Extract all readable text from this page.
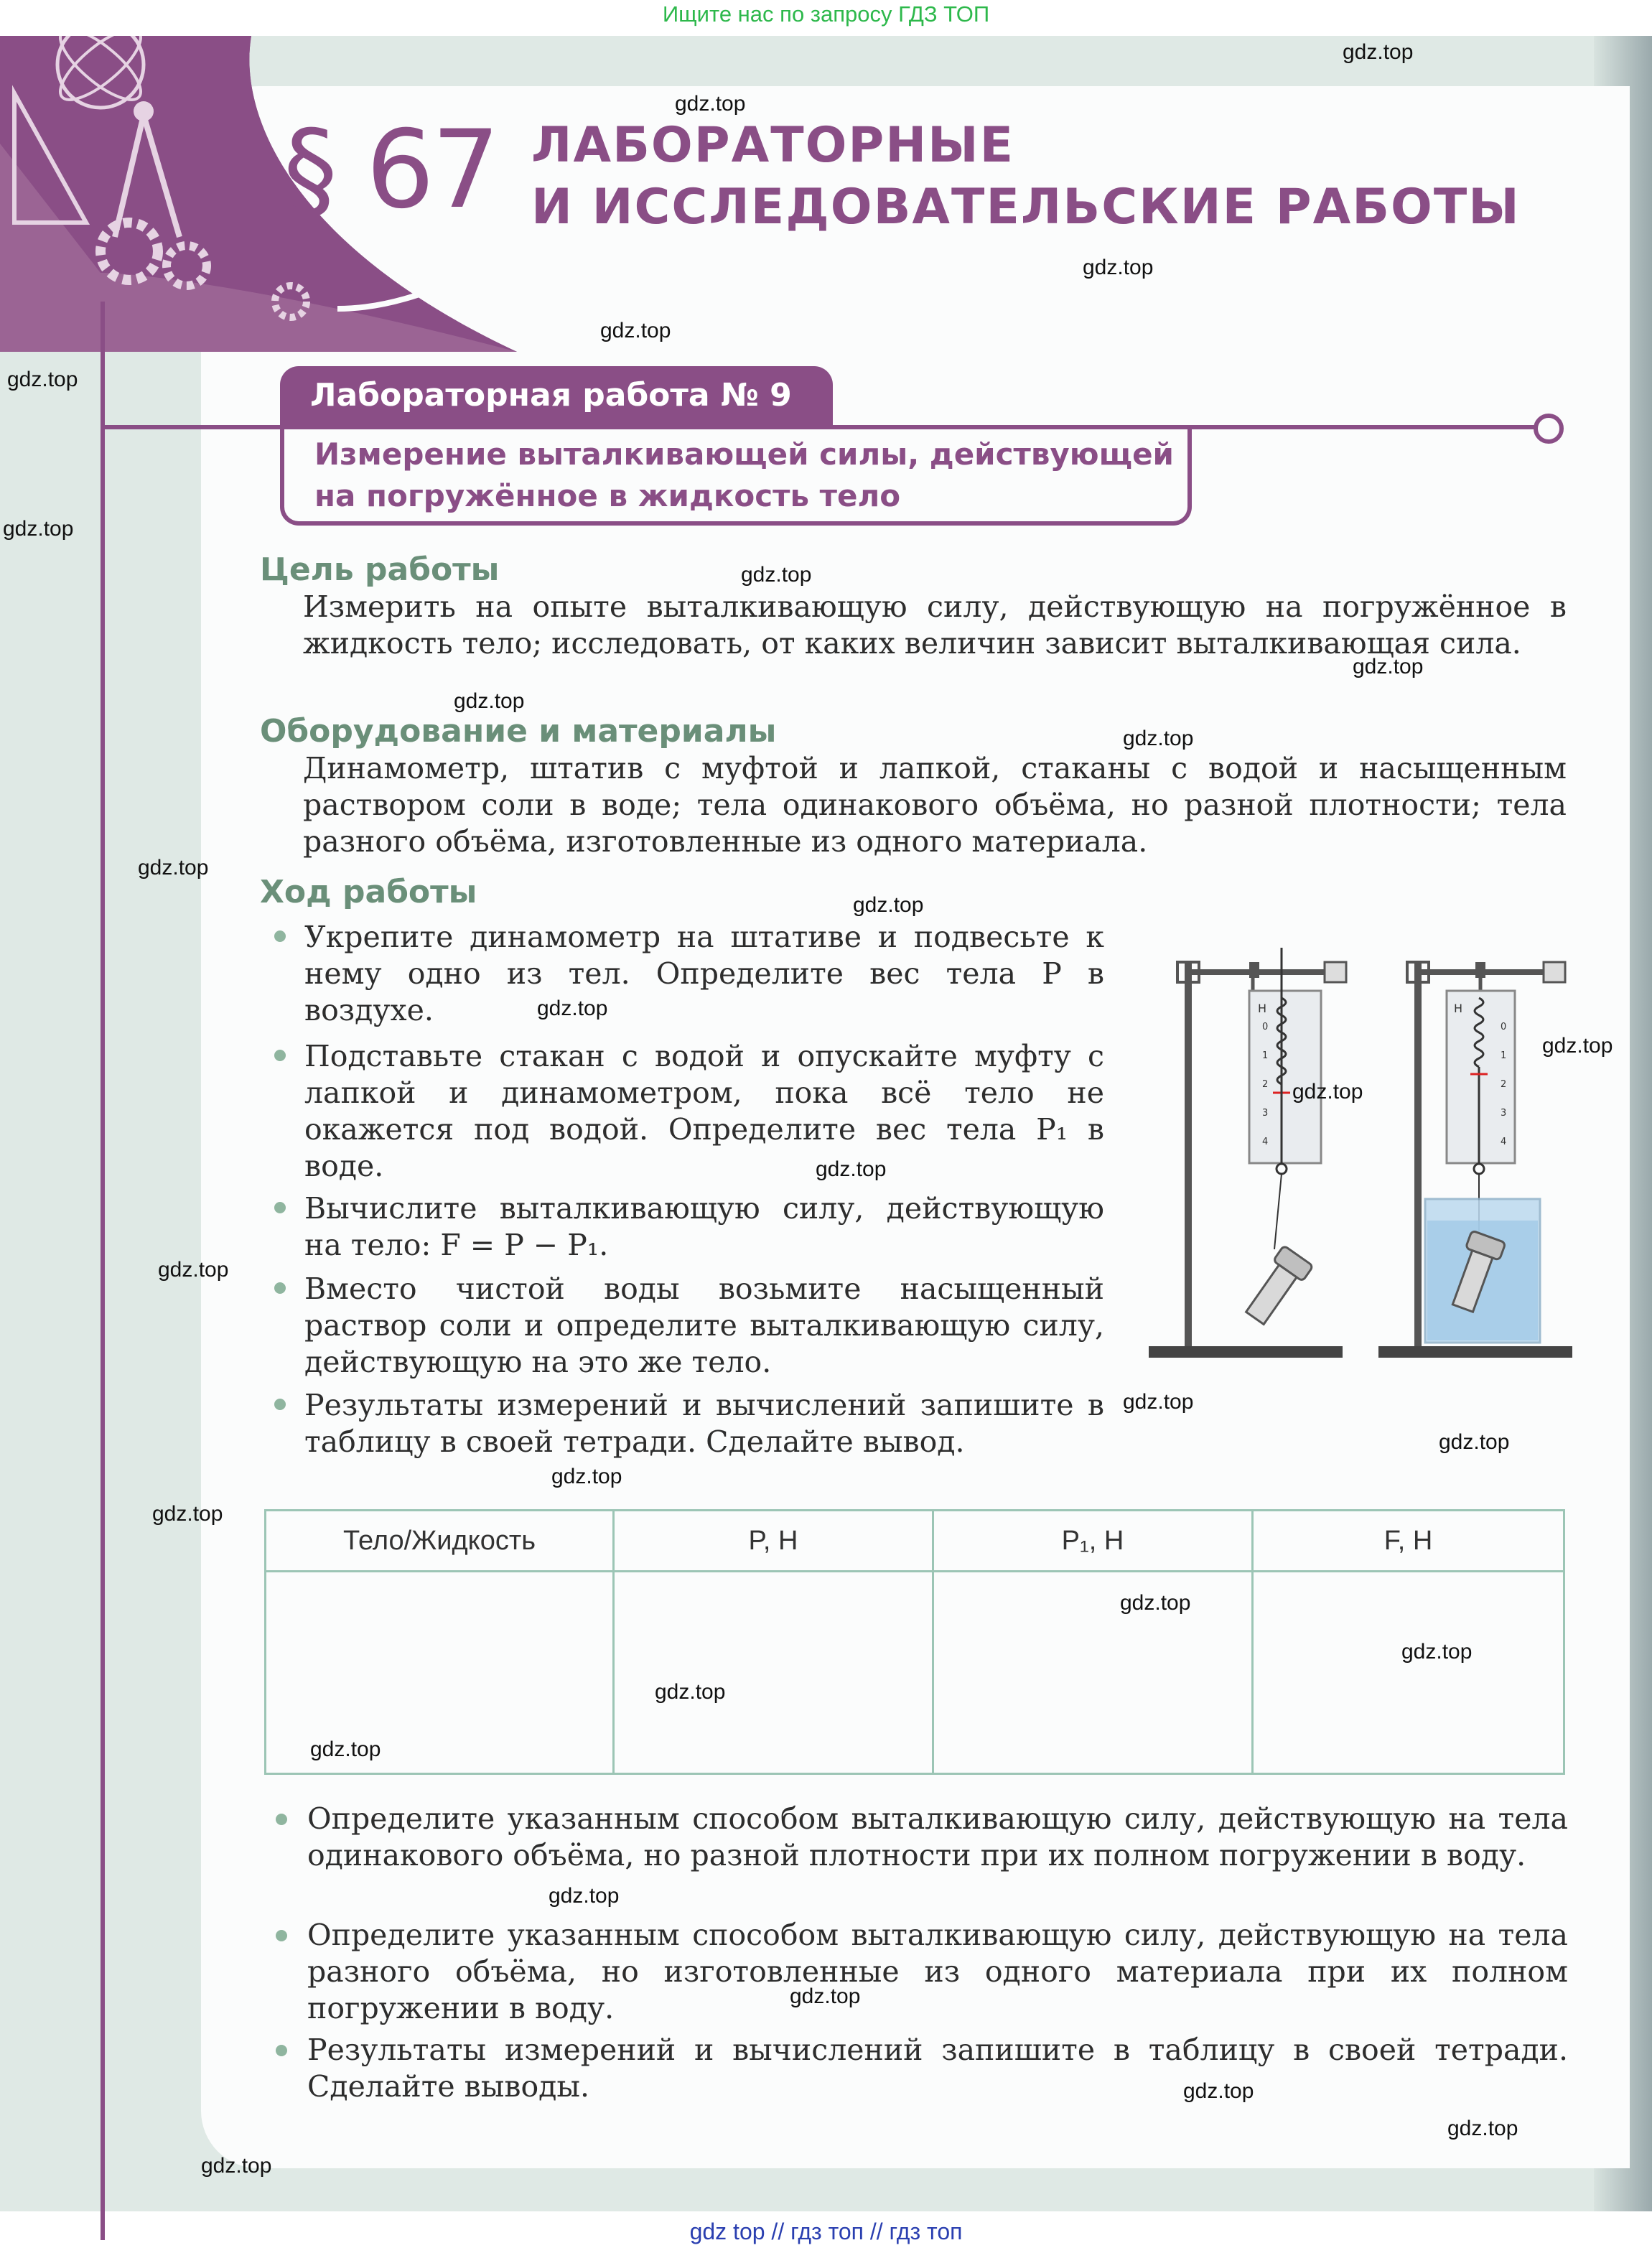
Ищите нас по запросу ГДЗ ТОП
§ 67 ЛАБОРАТОРНЫЕ
И ИССЛЕДОВАТЕЛЬСКИЕ РАБОТЫ
Лабораторная работа № 9
Измерение выталкивающей силы, действующей
на погружённое в жидкость тело
Цель работы
Измерить на опыте выталкивающую силу, действующую на погружённое в жидкость тело; исследовать, от каких величин зависит выталкивающая сила.
Оборудование и материалы
Динамометр, штатив с муфтой и лапкой, стаканы с водой и насыщенным раствором соли в воде; тела одинакового объёма, но разной плотности; тела разного объёма, изготовленные из одного материала.
Ход работы
Укрепите динамометр на штативе и подвесьте к нему одно из тел. Определите вес тела P в воздухе.
Подставьте стакан с водой и опускайте муфту с лапкой и динамометром, пока всё тело не окажется под водой. Определите вес тела P₁ в воде.
Вычислите выталкивающую силу, действующую на тело: F = P − P₁.
Вместо чистой воды возьмите насыщенный раствор соли и определите выталкивающую силу, действующую на это же тело.
Результаты измерений и вычислений запишите в таблицу в своей тетради. Сделайте вывод.
Н
0
1
2
3
4
Н
0
1
2
3
4
Тело/Жидкость	P, Н	P₁, Н	F, Н

Определите указанным способом выталкивающую силу, действующую на тела одинакового объёма, но разной плотности при их полном погружении в воду.
Определите указанным способом выталкивающую силу, действующую на тела разного объёма, но изготовленные из одного материала при их полном погружении в воду.
Результаты измерений и вычислений запишите в таблицу в своей тетради. Сделайте выводы.
gdz.top
gdz.top
gdz.top
gdz.top
gdz.top
gdz.top
gdz.top
gdz.top
gdz.top
gdz.top
gdz.top
gdz.top
gdz.top
gdz.top
gdz.top
gdz.top
gdz.top
gdz.top
gdz.top
gdz.top
gdz.top
gdz.top
gdz.top
gdz.top
gdz.top
gdz.top
gdz.top
gdz.top
gdz.top
gdz.top
gdz top // гдз топ // гдз топ
